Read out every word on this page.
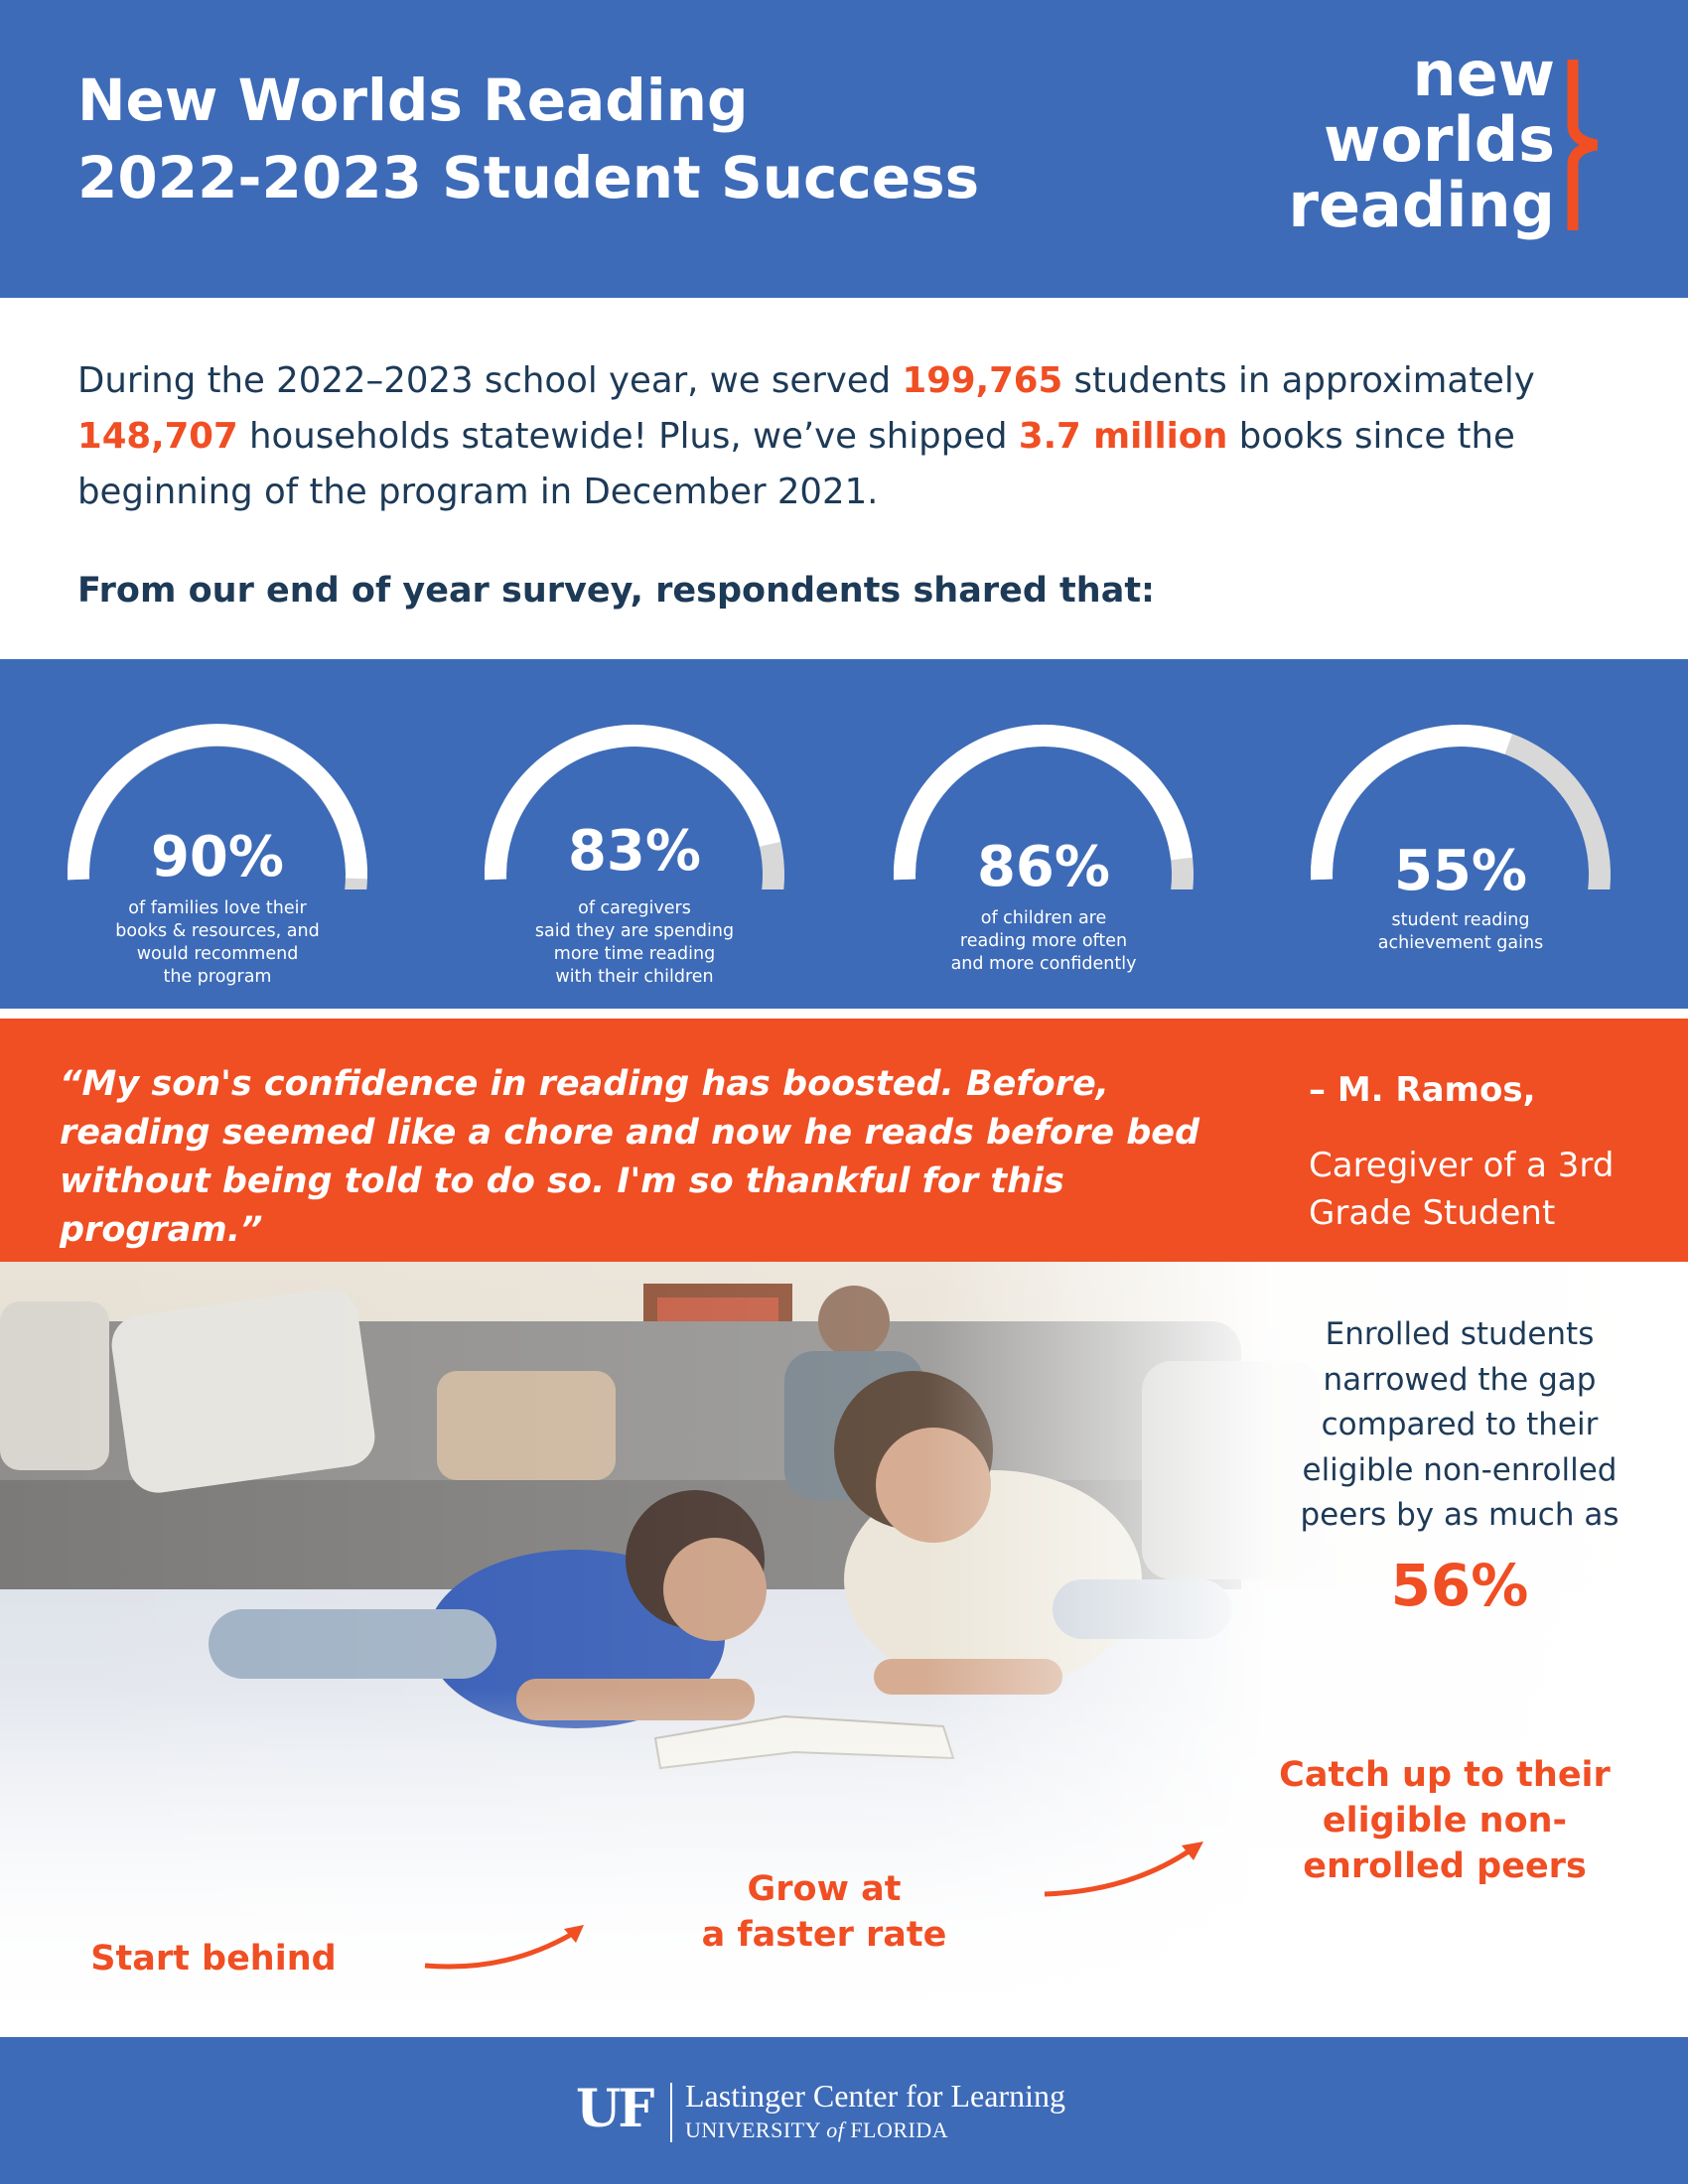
New Worlds Reading
2022-2023 Student Success
new
worlds
reading
During the 2022–2023 school year, we served 199,765 students in approximately 148,707 households statewide! Plus, we’ve shipped 3.7 million books since the beginning of the program in December 2021.
From our end of year survey, respondents shared that:
90%
of families love their
books & resources, and
would recommend
the program
83%
of caregivers
said they are spending
more time reading
with their children
86%
of children are
reading more often
and more confidently
55%
student reading
achievement gains
“My son's confidence in reading has boosted. Before, reading seemed like a chore and now he reads before bed without being told to do so. I'm so thankful for this program.”
– M. Ramos,
Caregiver of a 3rd Grade Student
Enrolled students narrowed the gap compared to their eligible non-enrolled peers by as much as
56%
Start behind
Grow at
a faster rate
Catch up to their
eligible non-
enrolled peers
UF Lastinger Center for Learning
UNIVERSITY of FLORIDA
